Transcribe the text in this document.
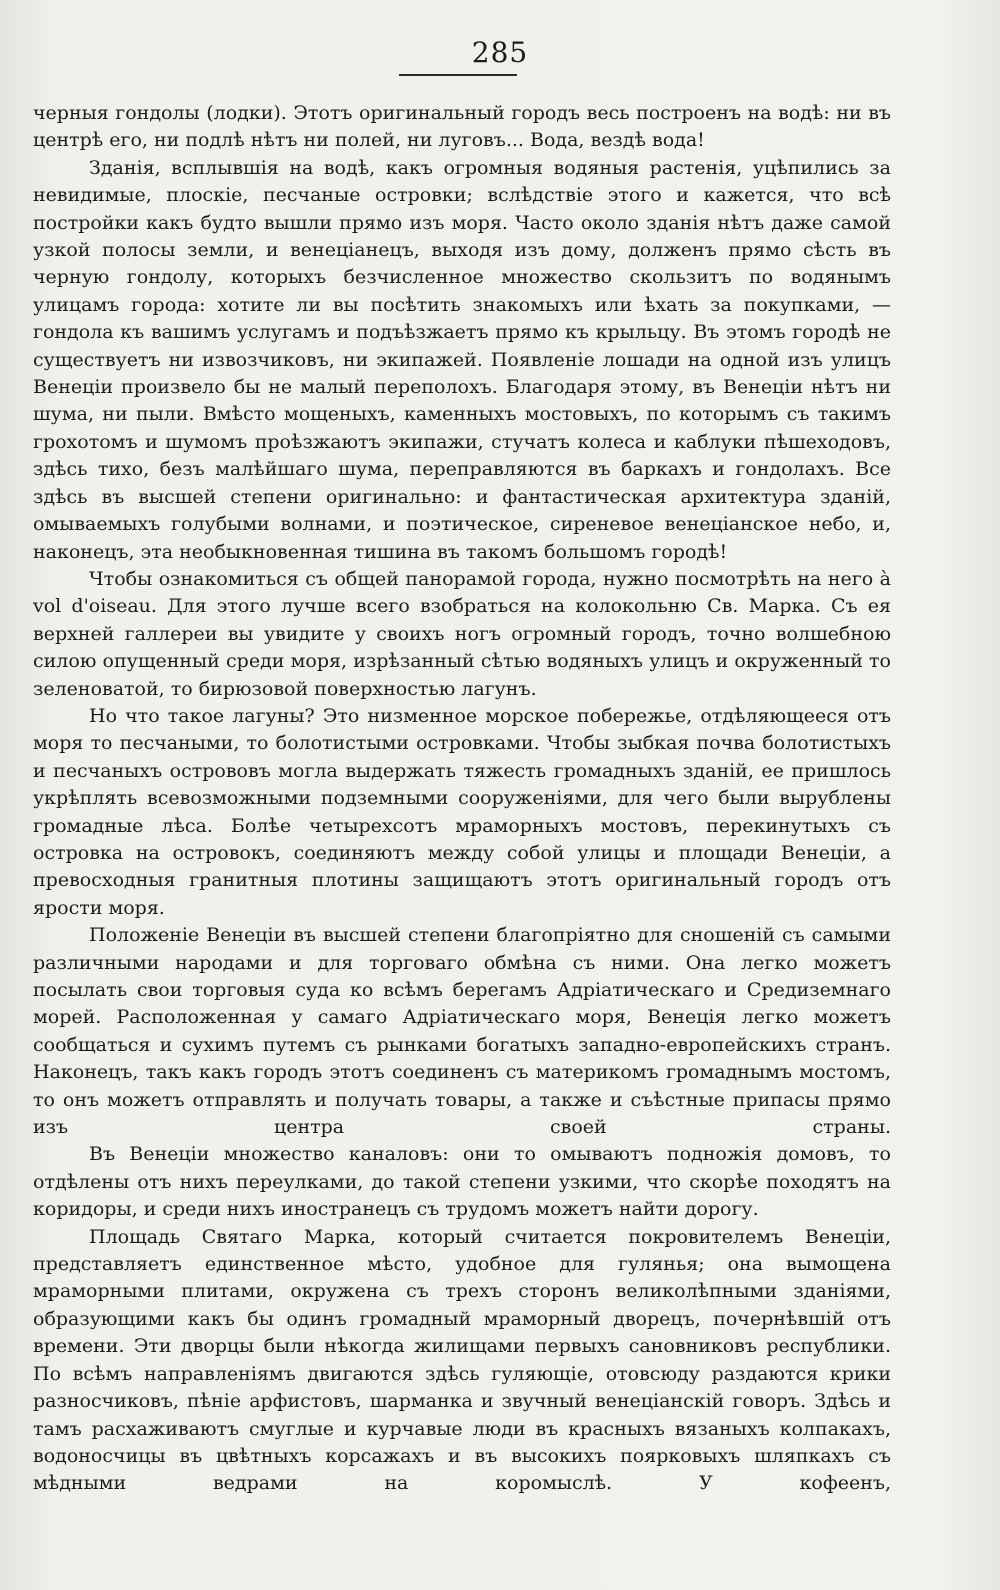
285

черныя гондолы (лодки). Этотъ оригинальный городъ весь построенъ на водѣ: ни въ центрѣ его, ни подлѣ нѣтъ ни полей, ни луговъ... Вода, вездѣ вода!

Зданія, всплывшія на водѣ, какъ огромныя водяныя растенія, уцѣпились за невидимые, плоскіе, песчаные островки; вслѣдствіе этого и кажется, что всѣ постройки какъ будто вышли прямо изъ моря. Часто около зданія нѣтъ даже самой узкой полосы земли, и венеціанецъ, выходя изъ дому, долженъ прямо сѣсть въ черную гондолу, которыхъ безчисленное множество скользитъ по водянымъ улицамъ города: хотите ли вы посѣтить знакомыхъ или ѣхать за покупками, — гондола къ вашимъ услугамъ и подъѣзжаетъ прямо къ крыльцу. Въ этомъ городѣ не существуетъ ни извозчиковъ, ни экипажей. Появленіе лошади на одной изъ улицъ Венеціи произвело бы не малый переполохъ. Благодаря этому, въ Венеціи нѣтъ ни шума, ни пыли. Вмѣсто мощеныхъ, каменныхъ мостовыхъ, по которымъ съ такимъ грохотомъ и шумомъ проѣзжаютъ экипажи, стучатъ колеса и каблуки пѣшеходовъ, здѣсь тихо, безъ малѣйшаго шума, переправляются въ баркахъ и гондолахъ. Все здѣсь въ высшей степени оригинально: и фантастическая архитектура зданій, омываемыхъ голубыми волнами, и поэтическое, сиреневое венеціанское небо, и, наконецъ, эта необыкновенная тишина въ такомъ большомъ городѣ!

Чтобы ознакомиться съ общей панорамой города, нужно посмотрѣть на него à vol d'oiseau. Для этого лучше всего взобраться на колокольню Св. Марка. Съ ея верхней галлереи вы увидите у своихъ ногъ огромный городъ, точно волшебною силою опущенный среди моря, изрѣзанный сѣтью водяныхъ улицъ и окруженный то зеленоватой, то бирюзовой поверхностью лагунъ.

Но что такое лагуны? Это низменное морское побережье, отдѣляющееся отъ моря то песчаными, то болотистыми островками. Чтобы зыбкая почва болотистыхъ и песчаныхъ острововъ могла выдержать тяжесть громадныхъ зданій, ее пришлось укрѣплять всевозможными подземными сооруженіями, для чего были вырублены громадные лѣса. Болѣе четырехсотъ мраморныхъ мостовъ, перекинутыхъ съ островка на островокъ, соединяютъ между собой улицы и площади Венеціи, а превосходныя гранитныя плотины защищаютъ этотъ оригинальный городъ отъ ярости моря.

Положеніе Венеціи въ высшей степени благопріятно для сношеній съ самыми различными народами и для торговаго обмѣна съ ними. Она легко можетъ посылать свои торговыя суда ко всѣмъ берегамъ Адріатическаго и Средиземнаго морей. Расположенная у самаго Адріатическаго моря, Венеція легко можетъ сообщаться и сухимъ путемъ съ рынками богатыхъ западно-европейскихъ странъ. Наконецъ, такъ какъ городъ этотъ соединенъ съ материкомъ громаднымъ мостомъ, то онъ можетъ отправлять и получать товары, а также и съѣстные припасы прямо изъ центра своей страны.

Въ Венеціи множество каналовъ: они то омываютъ подножія домовъ, то отдѣлены отъ нихъ переулками, до такой степени узкими, что скорѣе походятъ на коридоры, и среди нихъ иностранецъ съ трудомъ можетъ найти дорогу.

Площадь Святаго Марка, который считается покровителемъ Венеціи, представляетъ единственное мѣсто, удобное для гулянья; она вымощена мраморными плитами, окружена съ трехъ сторонъ великолѣпными зданіями, образующими какъ бы одинъ громадный мраморный дворецъ, почернѣвшій отъ времени. Эти дворцы были нѣкогда жилищами первыхъ сановниковъ республики. По всѣмъ направленіямъ двигаются здѣсь гуляющіе, отовсюду раздаются крики разносчиковъ, пѣніе арфистовъ, шарманка и звучный венеціанскій говоръ. Здѣсь и тамъ расхаживаютъ смуглые и курчавые люди въ красныхъ вязаныхъ колпакахъ, водоносчицы въ цвѣтныхъ корсажахъ и въ высокихъ поярковыхъ шляпкахъ съ мѣдными ведрами на коромыслѣ. У кофеенъ,
